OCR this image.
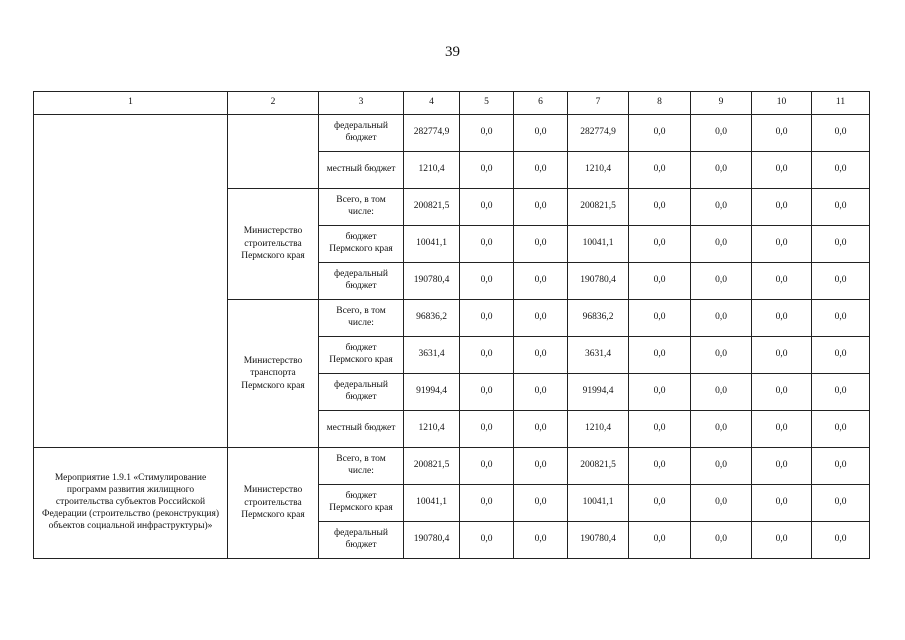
39
1	2	3	4	5	6	7	8	9	10	11
		федеральный бюджет	282774,9	0,0	0,0	282774,9	0,0	0,0	0,0	0,0
		местный бюджет	1210,4	0,0	0,0	1210,4	0,0	0,0	0,0	0,0
	Министерство строительства Пермского края	Всего, в том числе:	200821,5	0,0	0,0	200821,5	0,0	0,0	0,0	0,0
		бюджет Пермского края	10041,1	0,0	0,0	10041,1	0,0	0,0	0,0	0,0
		федеральный бюджет	190780,4	0,0	0,0	190780,4	0,0	0,0	0,0	0,0
	Министерство транспорта Пермского края	Всего, в том числе:	96836,2	0,0	0,0	96836,2	0,0	0,0	0,0	0,0
		бюджет Пермского края	3631,4	0,0	0,0	3631,4	0,0	0,0	0,0	0,0
		федеральный бюджет	91994,4	0,0	0,0	91994,4	0,0	0,0	0,0	0,0
		местный бюджет	1210,4	0,0	0,0	1210,4	0,0	0,0	0,0	0,0
Мероприятие 1.9.1 «Стимулирование программ развития жилищного строительства субъектов Российской Федерации (строительство (реконструкция) объектов социальной инфраструктуры)»	Министерство строительства Пермского края	Всего, в том числе:	200821,5	0,0	0,0	200821,5	0,0	0,0	0,0	0,0
		бюджет Пермского края	10041,1	0,0	0,0	10041,1	0,0	0,0	0,0	0,0
		федеральный бюджет	190780,4	0,0	0,0	190780,4	0,0	0,0	0,0	0,0
